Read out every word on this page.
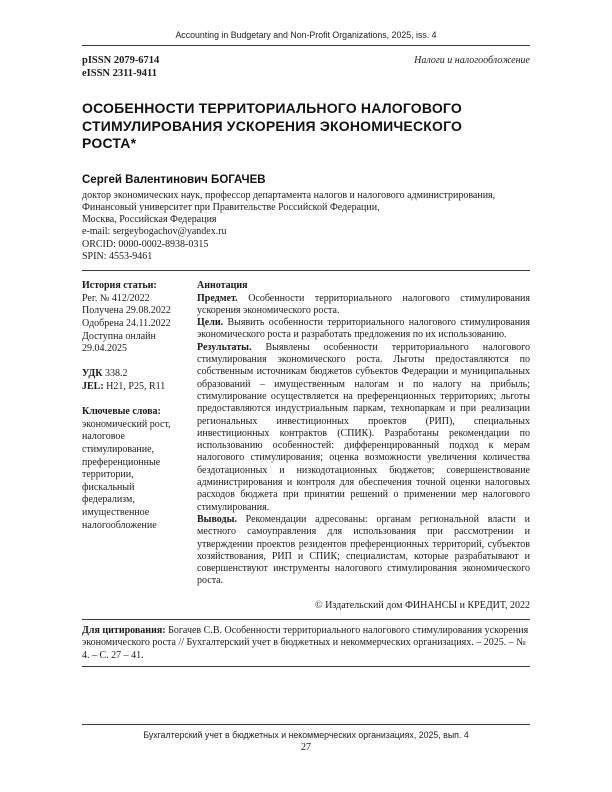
Accounting in Budgetary and Non-Profit Organizations, 2025, iss. 4
pISSN 2079-6714
eISSN 2311-9411
Налоги и налогообложение
ОСОБЕННОСТИ ТЕРРИТОРИАЛЬНОГО НАЛОГОВОГО СТИМУЛИРОВАНИЯ УСКОРЕНИЯ ЭКОНОМИЧЕСКОГО РОСТА*
Сергей Валентинович БОГАЧЕВ
доктор экономических наук, профессор департамента налогов и налогового администрирования,
Финансовый университет при Правительстве Российской Федерации,
Москва, Российская Федерация
e-mail: sergeybogachov@yandex.ru
ORCID: 0000-0002-8938-0315
SPIN: 4553-9461
История статьи:
Рег. № 412/2022
Получена 29.08.2022
Одобрена 24.11.2022
Доступна онлайн 29.04.2025
УДК 338.2
JEL: H21, P25, R11
Ключевые слова:
экономический рост, налоговое стимулирование, преференционные территории, фискальный федерализм, имущественное налогообложение
Аннотация

Предмет. Особенности территориального налогового стимулирования ускорения экономического роста.

Цели. Выявить особенности территориального налогового стимулирования экономического роста и разработать предложения по их использованию.

Результаты. Выявлены особенности территориального налогового стимулирования экономического роста. Льготы предоставляются по собственным источникам бюджетов субъектов Федерации и муниципальных образований – имущественным налогам и по налогу на прибыль; стимулирование осуществляется на преференционных территориях; льготы предоставляются индустриальным паркам, технопаркам и при реализации региональных инвестиционных проектов (РИП), специальных инвестиционных контрактов (СПИК). Разработаны рекомендации по использованию особенностей: дифференцированный подход к мерам налогового стимулирования; оценка возможности увеличения количества бездотационных и низкодотационных бюджетов; совершенствование администрирования и контроля для обеспечения точной оценки налоговых расходов бюджета при принятии решений о применении мер налогового стимулирования.

Выводы. Рекомендации адресованы: органам региональной власти и местного самоуправления для использования при рассмотрении и утверждении проектов резидентов преференционных территорий, субъектов хозяйствования, РИП и СПИК; специалистам, которые разрабатывают и совершенствуют инструменты налогового стимулирования экономического роста.

© Издательский дом ФИНАНСЫ и КРЕДИТ, 2022
Для цитирования: Богачев С.В. Особенности территориального налогового стимулирования ускорения экономического роста // Бухгалтерский учет в бюджетных и некоммерческих организациях. – 2025. – № 4. – С. 27 – 41.
Бухгалтерский учет в бюджетных и некоммерческих организациях, 2025, вып. 4
27
